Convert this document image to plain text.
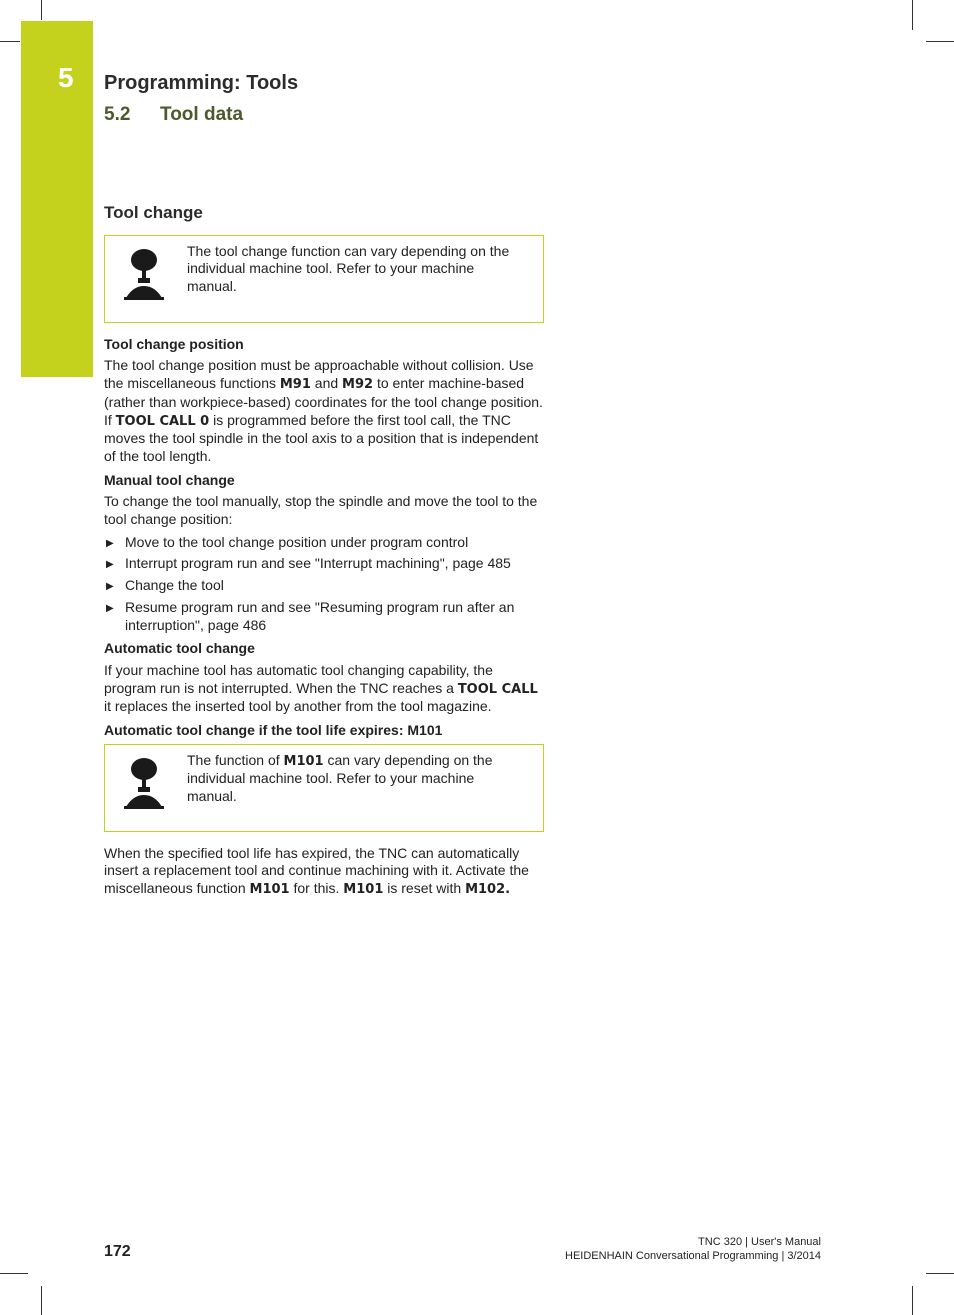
5 Programming: Tools
5.2 Tool data
Tool change
The tool change function can vary depending on the individual machine tool. Refer to your machine manual.
Tool change position

The tool change position must be approachable without collision. Use the miscellaneous functions M91 and M92 to enter machine-based (rather than workpiece-based) coordinates for the tool change position. If TOOL CALL 0 is programmed before the first tool call, the TNC moves the tool spindle in the tool axis to a position that is independent of the tool length.

Manual tool change

To change the tool manually, stop the spindle and move the tool to the tool change position:

▶ Move to the tool change position under program control
▶ Interrupt program run and see "Interrupt machining", page 485
▶ Change the tool
▶ Resume program run and see "Resuming program run after an interruption", page 486
Automatic tool change

If your machine tool has automatic tool changing capability, the program run is not interrupted. When the TNC reaches a TOOL CALL it replaces the inserted tool by another from the tool magazine.

Automatic tool change if the tool life expires: M101
The function of M101 can vary depending on the individual machine tool. Refer to your machine manual.

When the specified tool life has expired, the TNC can automatically insert a replacement tool and continue machining with it. Activate the miscellaneous function M101 for this. M101 is reset with M102.

172
TNC 320 | User's Manual
HEIDENHAIN Conversational Programming | 3/2014
